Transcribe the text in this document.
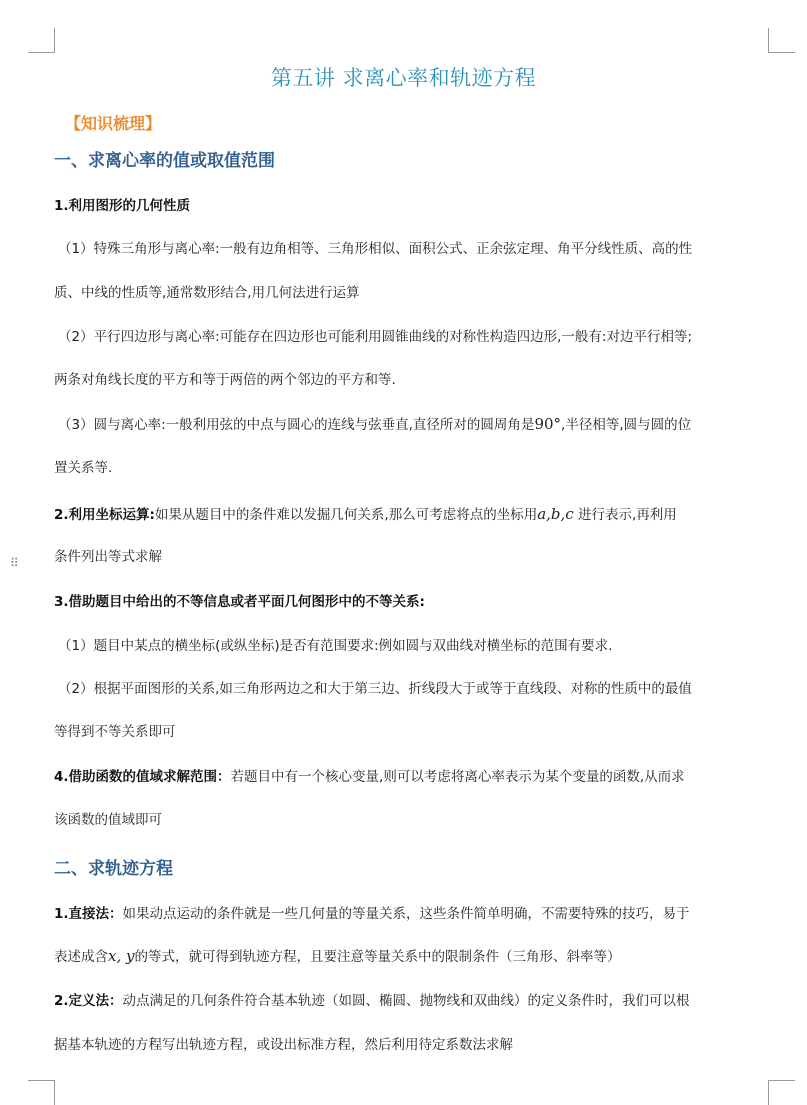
⠿
第五讲 求离心率和轨迹方程
【知识梳理】
一、求离心率的值或取值范围
1.利用图形的几何性质
（1）特殊三角形与离心率:一般有边角相等、三角形相似、面积公式、正余弦定理、角平分线性质、高的性
质、中线的性质等,通常数形结合,用几何法进行运算
（2）平行四边形与离心率:可能存在四边形也可能利用圆锥曲线的对称性构造四边形,一般有:对边平行相等;
两条对角线长度的平方和等于两倍的两个邻边的平方和等.
（3）圆与离心率:一般利用弦的中点与圆心的连线与弦垂直,直径所对的圆周角是90°,半径相等,圆与圆的位
置关系等.
2.利用坐标运算:如果从题目中的条件难以发掘几何关系,那么可考虑将点的坐标用a,b,c 进行表示,再利用
条件列出等式求解
3.借助题目中给出的不等信息或者平面几何图形中的不等关系:
（1）题目中某点的横坐标(或纵坐标)是否有范围要求:例如圆与双曲线对横坐标的范围有要求.
（2）根据平面图形的关系,如三角形两边之和大于第三边、折线段大于或等于直线段、对称的性质中的最值
等得到不等关系即可
4.借助函数的值域求解范围：若题目中有一个核心变量,则可以考虑将离心率表示为某个变量的函数,从而求
该函数的值域即可
二、求轨迹方程
1.直接法：如果动点运动的条件就是一些几何量的等量关系，这些条件简单明确，不需要特殊的技巧，易于
表述成含x, y的等式，就可得到轨迹方程，且要注意等量关系中的限制条件（三角形、斜率等）
2.定义法：动点满足的几何条件符合基本轨迹（如圆、椭圆、抛物线和双曲线）的定义条件时，我们可以根
据基本轨迹的方程写出轨迹方程，或设出标准方程，然后利用待定系数法求解
